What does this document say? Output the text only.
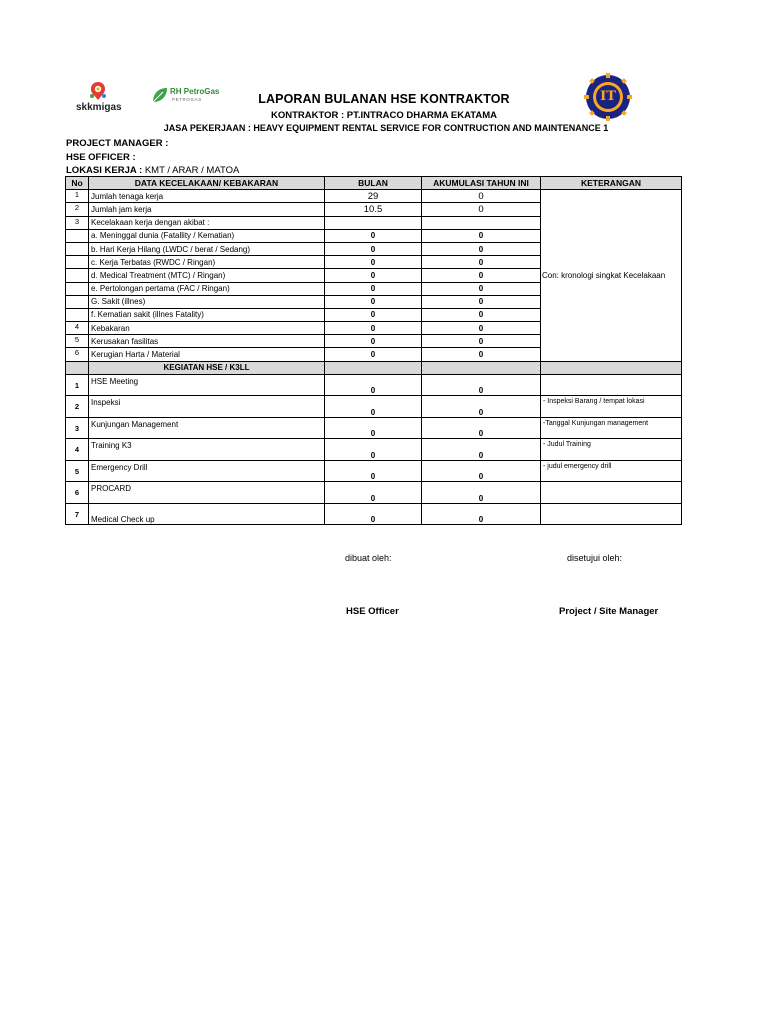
skkmigas
RH PetroGas
PETROGAS	IT
LAPORAN BULANAN HSE KONTRAKTOR
KONTRAKTOR : PT.INTRACO DHARMA EKATAMA
JASA PEKERJAAN : HEAVY EQUIPMENT RENTAL SERVICE FOR CONTRUCTION AND MAINTENANCE 1
PROJECT MANAGER :
HSE OFFICER :
LOKASI KERJA : KMT / ARAR / MATOA
No	DATA KECELAKAAN/ KEBAKARAN	BULAN	AKUMULASI TAHUN INI	KETERANGAN
1	Jumlah tenaga kerja	29	0	Con: kronologi singkat Kecelakaan
2	Jumlah jam kerja	10.5	0	
3	Kecelakaan kerja dengan akibat :			
	a. Meninggal dunia (Fatallity / Kematian)	0	0	
	b. Hari Kerja Hilang (LWDC / berat / Sedang)	0	0	
	c. Kerja Terbatas (RWDC / Ringan)	0	0	
	d. Medical Treatment (MTC) / Ringan)	0	0	
	e. Pertolongan pertama (FAC / Ringan)	0	0	
	G. Sakit (illnes)	0	0	
	f. Kematian sakit (illnes Fatality)	0	0	
4	Kebakaran	0	0	
5	Kerusakan fasilitas	0	0	
6	Kerugian Harta / Material	0	0	
	KEGIATAN HSE / K3LL			
1	HSE Meeting	0	0	
2	Inspeksi	0	0	- Inspeksi Barang / tempat lokasi
3	Kunjungan Management	0	0	-Tanggal Kunjungan management
4	Training K3	0	0	- Judul Training
5	Emergency Drill	0	0	- judul emergency drill
6	PROCARD	0	0	
7	Medical Check up	0	0	
dibuat oleh:	disetujui oleh:
HSE Officer	Project / Site Manager
